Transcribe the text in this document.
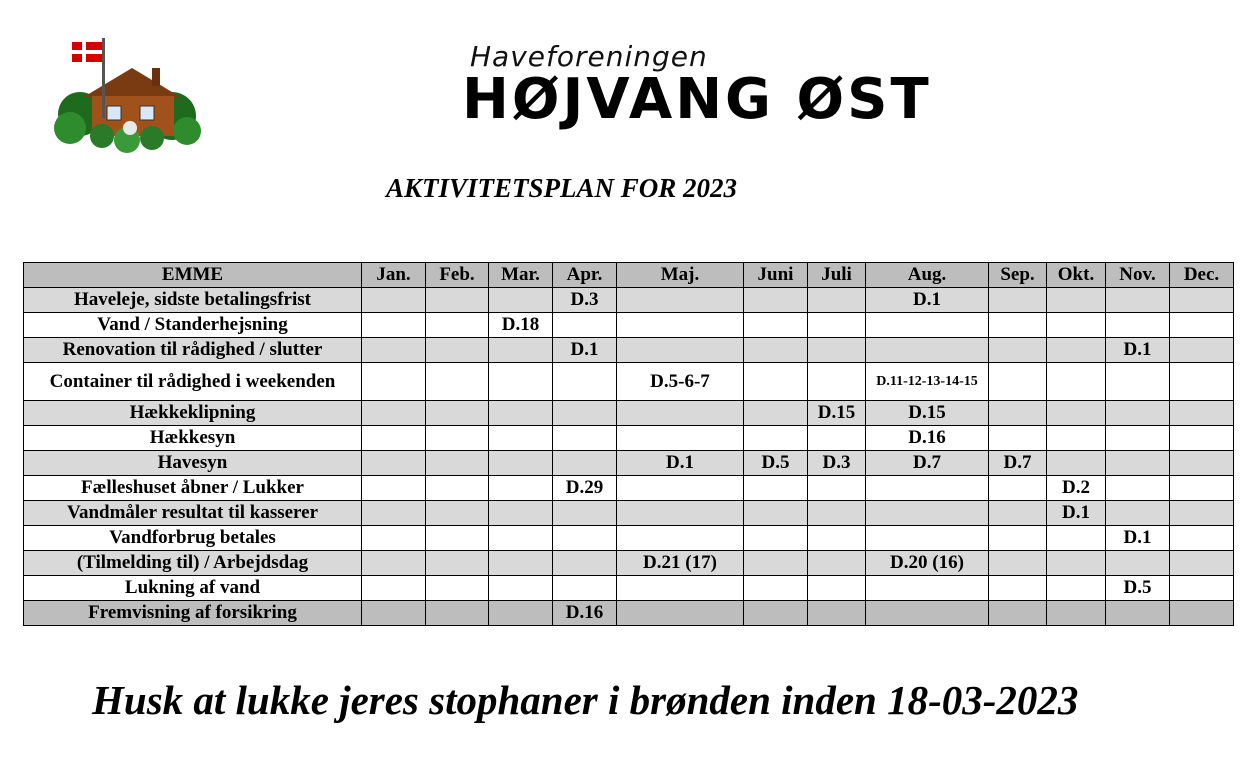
Haveforeningen
HØJVANG ØST
AKTIVITETSPLAN FOR 2023
EMME	Jan.	Feb.	Mar.	Apr.	Maj.	Juni	Juli	Aug.	Sep.	Okt.	Nov.	Dec.
Haveleje, sidste betalingsfrist				D.3				D.1				
Vand / Standerhejsning			D.18									
Renovation til rådighed / slutter				D.1							D.1	
Container til rådighed i weekenden					D.5-6-7			D.11-12-13-14-15				
Hækkeklipning							D.15	D.15				
Hækkesyn								D.16				
Havesyn					D.1	D.5	D.3	D.7	D.7			
Fælleshuset åbner / Lukker				D.29						D.2		
Vandmåler resultat til kasserer										D.1		
Vandforbrug betales											D.1	
(Tilmelding til) / Arbejdsdag					D.21 (17)			D.20 (16)				
Lukning af vand											D.5	
Fremvisning af forsikring				D.16								
Husk at lukke jeres stophaner i brønden inden 18-03-2023
